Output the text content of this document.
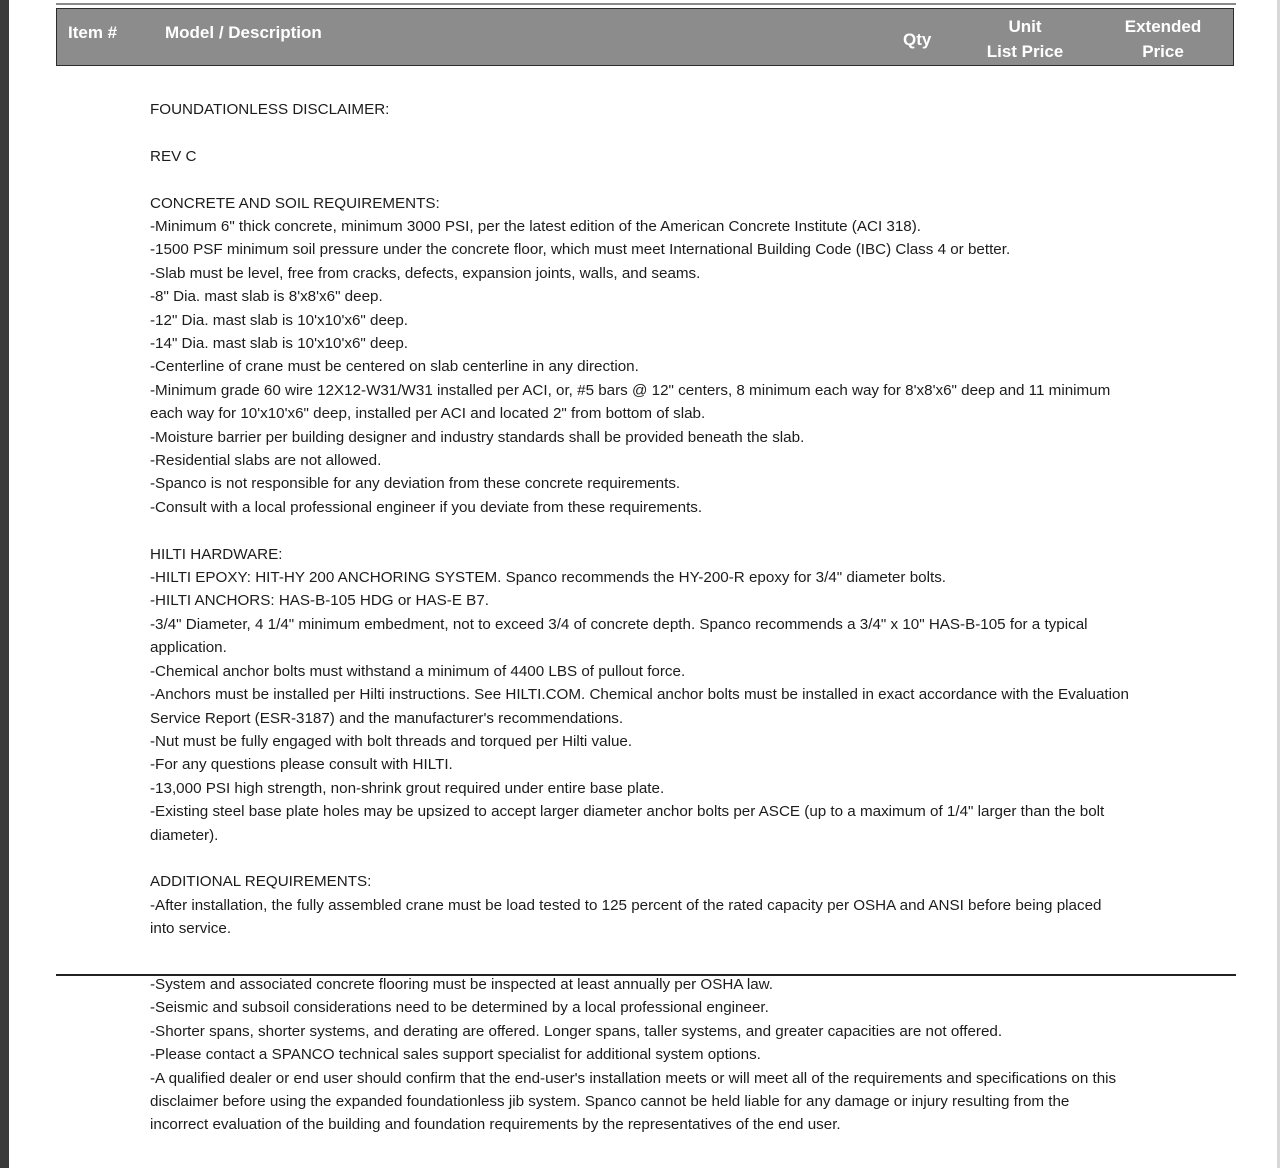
Item #	Model / Description	Qty
Unit
List Price
Extended
Price
FOUNDATIONLESS DISCLAIMER:
REV C
CONCRETE AND SOIL REQUIREMENTS:
-Minimum 6" thick concrete, minimum 3000 PSI, per the latest edition of the American Concrete Institute (ACI 318).
-1500 PSF minimum soil pressure under the concrete floor, which must meet International Building Code (IBC) Class 4 or better.
-Slab must be level, free from cracks, defects, expansion joints, walls, and seams.
-8" Dia. mast slab is 8'x8'x6" deep.
-12" Dia. mast slab is 10'x10'x6" deep.
-14" Dia. mast slab is 10'x10'x6" deep.
-Centerline of crane must be centered on slab centerline in any direction.
-Minimum grade 60 wire 12X12-W31/W31 installed per ACI, or, #5 bars @ 12" centers, 8 minimum each way for 8'x8'x6" deep and 11 minimum each way for 10'x10'x6" deep, installed per ACI and located 2" from bottom of slab.
-Moisture barrier per building designer and industry standards shall be provided beneath the slab.
-Residential slabs are not allowed.
-Spanco is not responsible for any deviation from these concrete requirements.
-Consult with a local professional engineer if you deviate from these requirements.
HILTI HARDWARE:
-HILTI EPOXY: HIT-HY 200 ANCHORING SYSTEM. Spanco recommends the HY-200-R epoxy for 3/4" diameter bolts.
-HILTI ANCHORS: HAS-B-105 HDG or HAS-E B7.
-3/4" Diameter, 4 1/4" minimum embedment, not to exceed 3/4 of concrete depth. Spanco recommends a 3/4" x 10" HAS-B-105 for a typical application.
-Chemical anchor bolts must withstand a minimum of 4400 LBS of pullout force.
-Anchors must be installed per Hilti instructions. See HILTI.COM. Chemical anchor bolts must be installed in exact accordance with the Evaluation Service Report (ESR-3187) and the manufacturer's recommendations.
-Nut must be fully engaged with bolt threads and torqued per Hilti value.
-For any questions please consult with HILTI.
-13,000 PSI high strength, non-shrink grout required under entire base plate.
-Existing steel base plate holes may be upsized to accept larger diameter anchor bolts per ASCE (up to a maximum of 1/4" larger than the bolt diameter).
ADDITIONAL REQUIREMENTS:
-After installation, the fully assembled crane must be load tested to 125 percent of the rated capacity per OSHA and ANSI before being placed into service.
-System and associated concrete flooring must be inspected at least annually per OSHA law.
-Seismic and subsoil considerations need to be determined by a local professional engineer.
-Shorter spans, shorter systems, and derating are offered. Longer spans, taller systems, and greater capacities are not offered.
-Please contact a SPANCO technical sales support specialist for additional system options.
-A qualified dealer or end user should confirm that the end-user's installation meets or will meet all of the requirements and specifications on this disclaimer before using the expanded foundationless jib system. Spanco cannot be held liable for any damage or injury resulting from the incorrect evaluation of the building and foundation requirements by the representatives of the end user.
